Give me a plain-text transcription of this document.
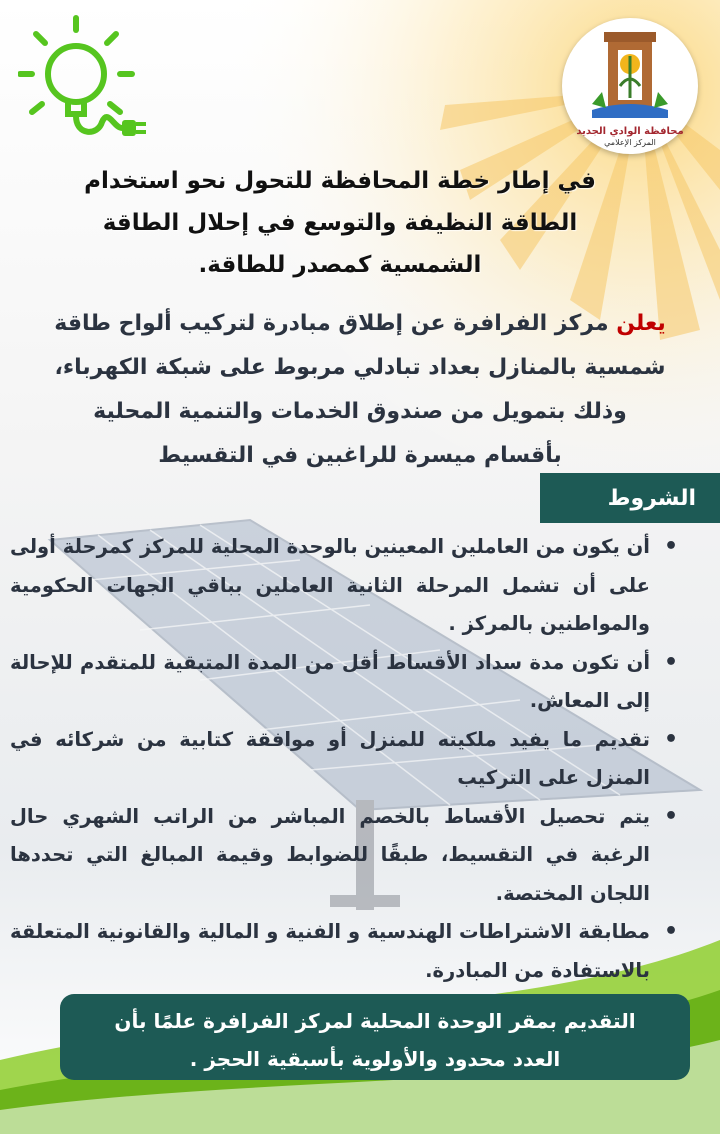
محافظة الوادي الجديد
المركز الإعلامي
في إطار خطة المحافظة للتحول نحو استخدام
الطاقة النظيفة والتوسع في إحلال الطاقة
الشمسية كمصدر للطاقة.

يعلن مركز الفرافرة عن إطلاق مبادرة لتركيب ألواح طاقة
شمسية بالمنازل بعداد تبادلي مربوط على شبكة الكهرباء،
وذلك بتمويل من صندوق الخدمات والتنمية المحلية
بأقسام ميسرة للراغبين في التقسيط

الشروط
• أن يكون من العاملين المعينين بالوحدة المحلية للمركز كمرحلة أولى على أن تشمل المرحلة الثانية العاملين بباقي الجهات الحكومية والمواطنين بالمركز .
• أن تكون مدة سداد الأقساط أقل من المدة المتبقية للمتقدم للإحالة إلى المعاش.
• تقديم ما يفيد ملكيته للمنزل أو موافقة كتابية من شركائه في المنزل على التركيب
• يتم تحصيل الأقساط بالخصم المباشر من الراتب الشهري حال الرغبة في التقسيط، طبقًا للضوابط وقيمة المبالغ التي تحددها اللجان المختصة.
• مطابقة الاشتراطات الهندسية و الفنية و المالية والقانونية المتعلقة بالاستفادة من المبادرة.
التقديم بمقر الوحدة المحلية لمركز الفرافرة علمًا بأن
العدد محدود والأولوية بأسبقية الحجز .
